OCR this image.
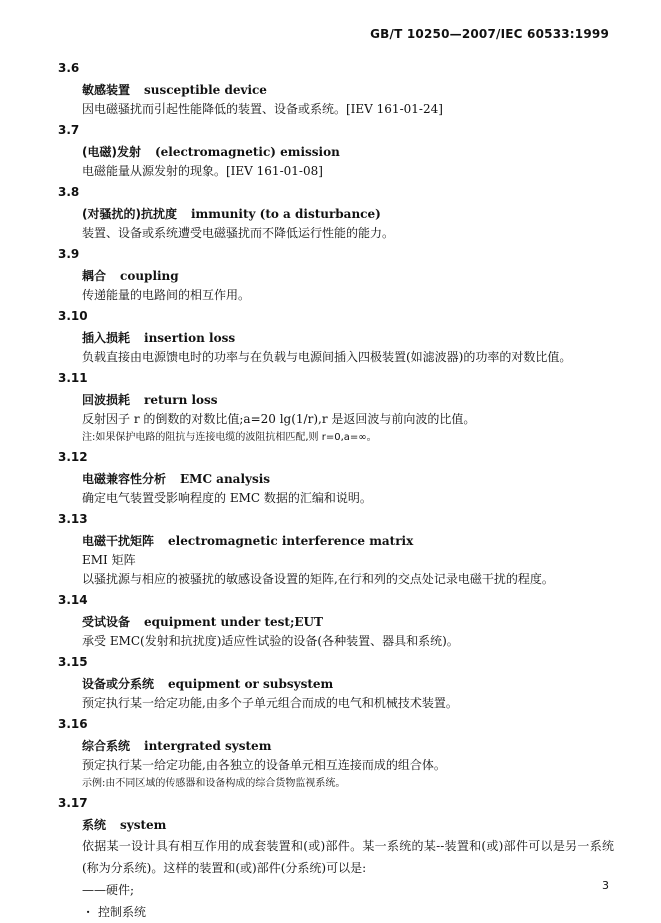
GB/T 10250—2007/IEC 60533:1999
3.6
敏感装置 susceptible device
因电磁骚扰而引起性能降低的装置、设备或系统。[IEV 161-01-24]
3.7
(电磁)发射 (electromagnetic) emission
电磁能量从源发射的现象。[IEV 161-01-08]
3.8
(对骚扰的)抗扰度 immunity (to a disturbance)
装置、设备或系统遭受电磁骚扰而不降低运行性能的能力。
3.9
耦合 coupling
传递能量的电路间的相互作用。
3.10
插入损耗 insertion loss
负载直接由电源馈电时的功率与在负载与电源间插入四极装置(如滤波器)的功率的对数比值。
3.11
回波损耗 return loss
反射因子 r 的倒数的对数比值;a=20 lg(1/r),r 是返回波与前向波的比值。
注:如果保护电路的阻抗与连接电缆的波阻抗相匹配,则 r=0,a=∞。
3.12
电磁兼容性分析 EMC analysis
确定电气装置受影响程度的 EMC 数据的汇编和说明。
3.13
电磁干扰矩阵 electromagnetic interference matrix
EMI 矩阵
以骚扰源与相应的被骚扰的敏感设备设置的矩阵,在行和列的交点处记录电磁干扰的程度。
3.14
受试设备 equipment under test;EUT
承受 EMC(发射和抗扰度)适应性试验的设备(各种装置、器具和系统)。
3.15
设备或分系统 equipment or subsystem
预定执行某一给定功能,由多个子单元组合而成的电气和机械技术装置。
3.16
综合系统 intergrated system
预定执行某一给定功能,由各独立的设备单元相互连接而成的组合体。
示例:由不同区域的传感器和设备构成的综合货物监视系统。
3.17
系统 system
依据某一设计具有相互作用的成套装置和(或)部件。某一系统的某--装置和(或)部件可以是另一系统(称为分系统)。这样的装置和(或)部件(分系统)可以是:
——硬件;
· 控制系统
3
